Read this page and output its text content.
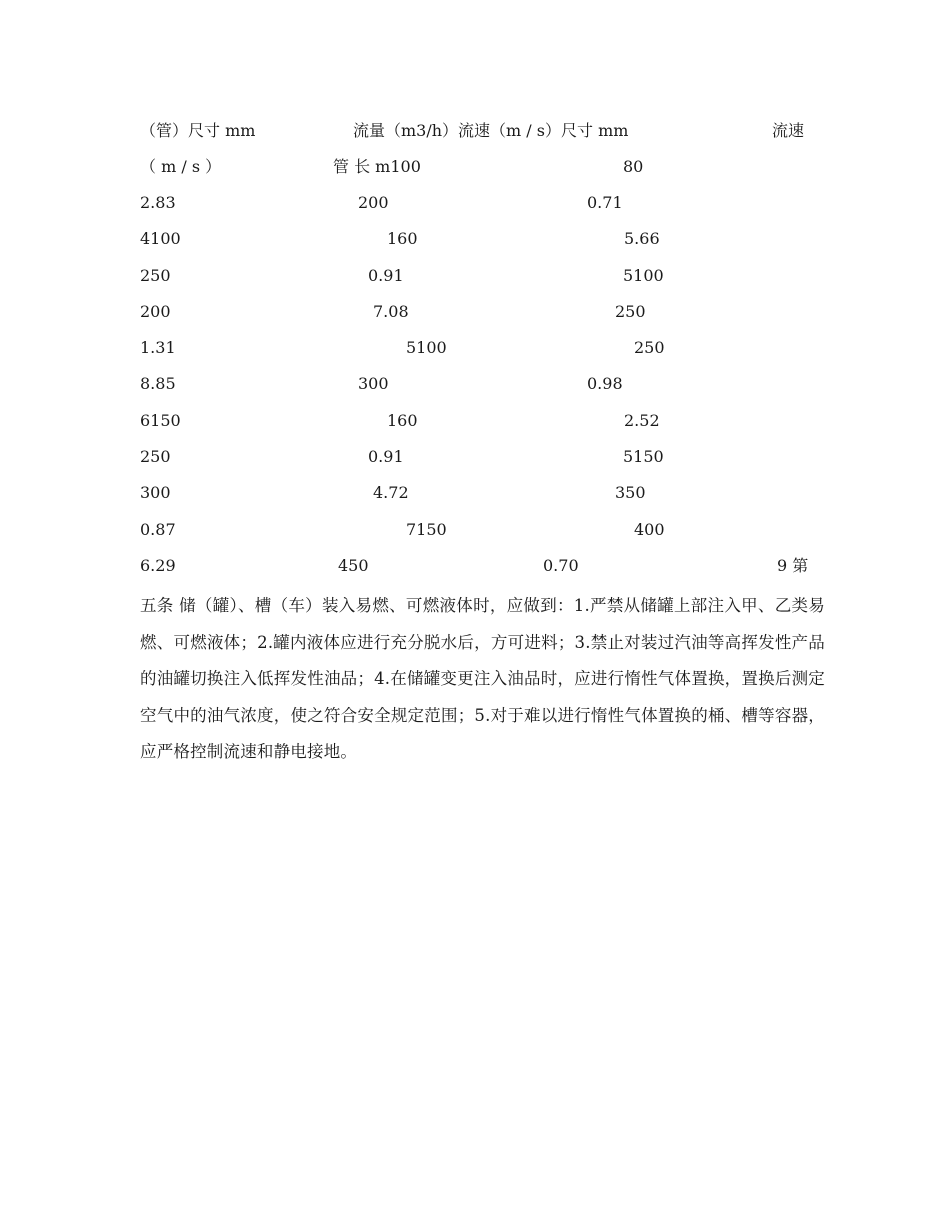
（管）尺寸 mm	流量（m3/h）流速（m / s）尺寸 mm	流速
（ m / s ）	管 长 m100	80
2.83	200	0.71
4100	160	5.66
250	0.91	5100
200	7.08	250
1.31	5100	250
8.85	300	0.98
6150	160	2.52
250	0.91	5150
300	4.72	350
0.87	7150	400
6.29	450	0.70	9 第
五条 储（罐）、槽（车）装入易燃、可燃液体时，应做到：1.严禁从储罐上部注入甲、乙类易燃、可燃液体；2.罐内液体应进行充分脱水后，方可进料；3.禁止对装过汽油等高挥发性产品的油罐切换注入低挥发性油品；4.在储罐变更注入油品时，应进行惰性气体置换，置换后测定空气中的油气浓度，使之符合安全规定范围；5.对于难以进行惰性气体置换的桶、槽等容器，应严格控制流速和静电接地。
